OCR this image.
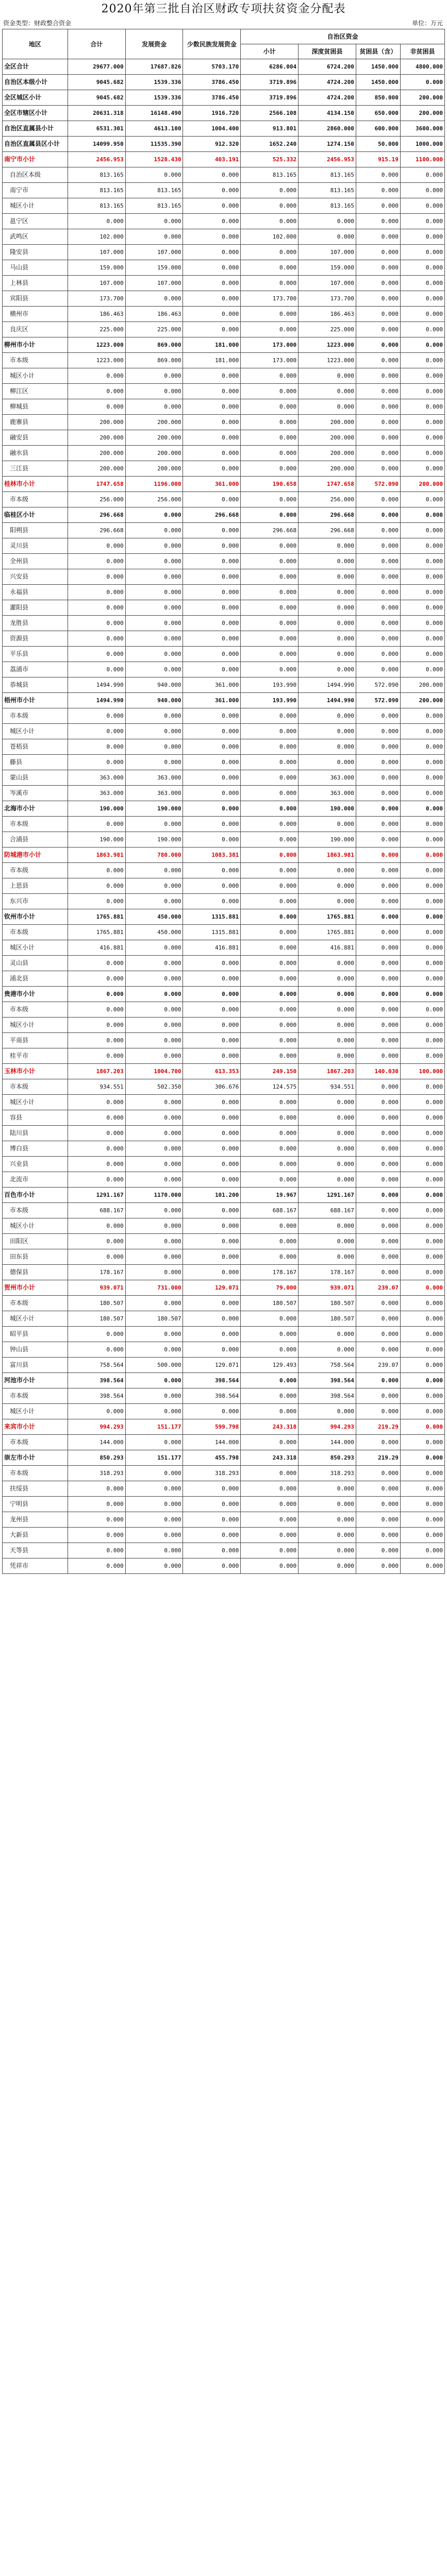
2020年第三批自治区财政专项扶贫资金分配表
资金类型：财政整合资金	单位：万元
地区	合计	发展资金	少数民族发展资金	自治区资金			
				小计	深度贫困县	贫困县（含）	非贫困县
全区合计	29677.000	17687.826	5703.170	6286.004	6724.200	1450.000	4800.000
自治区本级小计	9045.682	1539.336	3786.450	3719.896	4724.200	1450.000	0.000
全区城区小计	9045.682	1539.336	3786.450	3719.896	4724.200	850.000	200.000
全区市辖区小计	20631.318	16148.490	1916.720	2566.108	4134.150	650.000	200.000
自治区直属县小计	6531.301	4613.100	1004.400	913.801	2860.000	600.000	3600.000
自治区直属县区小计	14099.950	11535.390	912.320	1652.240	1274.150	50.000	1000.000
南宁市小计	2456.953	1528.430	403.191	525.332	2456.953	915.19	1100.000
自治区本级	813.165	0.000	0.000	813.165	813.165	0.000	0.000
南宁市	813.165	813.165	0.000	0.000	813.165	0.000	0.000
城区小计	813.165	813.165	0.000	0.000	813.165	0.000	0.000
邕宁区	0.000	0.000	0.000	0.000	0.000	0.000	0.000
武鸣区	102.000	0.000	0.000	102.000	0.000	0.000	0.000
隆安县	107.000	107.000	0.000	0.000	107.000	0.000	0.000
马山县	159.000	159.000	0.000	0.000	159.000	0.000	0.000
上林县	107.000	107.000	0.000	0.000	107.000	0.000	0.000
宾阳县	173.700	0.000	0.000	173.700	173.700	0.000	0.000
横州市	186.463	186.463	0.000	0.000	186.463	0.000	0.000
良庆区	225.000	225.000	0.000	0.000	225.000	0.000	0.000
柳州市小计	1223.000	869.000	181.000	173.000	1223.000	0.000	0.000
市本级	1223.000	869.000	181.000	173.000	1223.000	0.000	0.000
城区小计	0.000	0.000	0.000	0.000	0.000	0.000	0.000
柳江区	0.000	0.000	0.000	0.000	0.000	0.000	0.000
柳城县	0.000	0.000	0.000	0.000	0.000	0.000	0.000
鹿寨县	200.000	200.000	0.000	0.000	200.000	0.000	0.000
融安县	200.000	200.000	0.000	0.000	200.000	0.000	0.000
融水县	200.000	200.000	0.000	0.000	200.000	0.000	0.000
三江县	200.000	200.000	0.000	0.000	200.000	0.000	0.000
桂林市小计	1747.658	1196.000	361.000	190.658	1747.658	572.090	200.000
市本级	256.000	256.000	0.000	0.000	256.000	0.000	0.000
临桂区小计	296.668	0.000	296.668	0.000	296.668	0.000	0.000
阳朔县	296.668	0.000	0.000	296.668	296.668	0.000	0.000
灵川县	0.000	0.000	0.000	0.000	0.000	0.000	0.000
全州县	0.000	0.000	0.000	0.000	0.000	0.000	0.000
兴安县	0.000	0.000	0.000	0.000	0.000	0.000	0.000
永福县	0.000	0.000	0.000	0.000	0.000	0.000	0.000
灌阳县	0.000	0.000	0.000	0.000	0.000	0.000	0.000
龙胜县	0.000	0.000	0.000	0.000	0.000	0.000	0.000
资源县	0.000	0.000	0.000	0.000	0.000	0.000	0.000
平乐县	0.000	0.000	0.000	0.000	0.000	0.000	0.000
荔浦市	0.000	0.000	0.000	0.000	0.000	0.000	0.000
恭城县	1494.990	940.000	361.000	193.990	1494.990	572.090	200.000
梧州市小计	1494.990	940.000	361.000	193.990	1494.990	572.090	200.000
市本级	0.000	0.000	0.000	0.000	0.000	0.000	0.000
城区小计	0.000	0.000	0.000	0.000	0.000	0.000	0.000
苍梧县	0.000	0.000	0.000	0.000	0.000	0.000	0.000
藤县	0.000	0.000	0.000	0.000	0.000	0.000	0.000
蒙山县	363.000	363.000	0.000	0.000	363.000	0.000	0.000
岑溪市	363.000	363.000	0.000	0.000	363.000	0.000	0.000
北海市小计	190.000	190.000	0.000	0.000	190.000	0.000	0.000
市本级	0.000	0.000	0.000	0.000	0.000	0.000	0.000
合浦县	190.000	190.000	0.000	0.000	190.000	0.000	0.000
防城港市小计	1863.981	780.000	1083.381	0.000	1863.981	0.000	0.000
市本级	0.000	0.000	0.000	0.000	0.000	0.000	0.000
上思县	0.000	0.000	0.000	0.000	0.000	0.000	0.000
东兴市	0.000	0.000	0.000	0.000	0.000	0.000	0.000
钦州市小计	1765.881	450.000	1315.881	0.000	1765.881	0.000	0.000
市本级	1765.881	450.000	1315.881	0.000	1765.881	0.000	0.000
城区小计	416.881	0.000	416.881	0.000	416.881	0.000	0.000
灵山县	0.000	0.000	0.000	0.000	0.000	0.000	0.000
浦北县	0.000	0.000	0.000	0.000	0.000	0.000	0.000
贵港市小计	0.000	0.000	0.000	0.000	0.000	0.000	0.000
市本级	0.000	0.000	0.000	0.000	0.000	0.000	0.000
城区小计	0.000	0.000	0.000	0.000	0.000	0.000	0.000
平南县	0.000	0.000	0.000	0.000	0.000	0.000	0.000
桂平市	0.000	0.000	0.000	0.000	0.000	0.000	0.000
玉林市小计	1867.203	1004.700	613.353	249.150	1867.203	140.030	100.000
市本级	934.551	502.350	306.676	124.575	934.551	0.000	0.000
城区小计	0.000	0.000	0.000	0.000	0.000	0.000	0.000
容县	0.000	0.000	0.000	0.000	0.000	0.000	0.000
陆川县	0.000	0.000	0.000	0.000	0.000	0.000	0.000
博白县	0.000	0.000	0.000	0.000	0.000	0.000	0.000
兴业县	0.000	0.000	0.000	0.000	0.000	0.000	0.000
北流市	0.000	0.000	0.000	0.000	0.000	0.000	0.000
百色市小计	1291.167	1170.000	101.200	19.967	1291.167	0.000	0.000
市本级	688.167	0.000	0.000	688.167	688.167	0.000	0.000
城区小计	0.000	0.000	0.000	0.000	0.000	0.000	0.000
田阳区	0.000	0.000	0.000	0.000	0.000	0.000	0.000
田东县	0.000	0.000	0.000	0.000	0.000	0.000	0.000
德保县	178.167	0.000	0.000	178.167	178.167	0.000	0.000
贺州市小计	939.071	731.000	129.071	79.000	939.071	239.07	0.000
市本级	180.507	0.000	0.000	180.507	180.507	0.000	0.000
城区小计	180.507	180.507	0.000	0.000	180.507	0.000	0.000
昭平县	0.000	0.000	0.000	0.000	0.000	0.000	0.000
钟山县	0.000	0.000	0.000	0.000	0.000	0.000	0.000
富川县	758.564	500.000	129.071	129.493	758.564	239.07	0.000
河池市小计	398.564	0.000	398.564	0.000	398.564	0.000	0.000
市本级	398.564	0.000	398.564	0.000	398.564	0.000	0.000
城区小计	0.000	0.000	0.000	0.000	0.000	0.000	0.000
来宾市小计	994.293	151.177	599.798	243.318	994.293	219.29	0.000
市本级	144.000	0.000	144.000	0.000	144.000	0.000	0.000
崇左市小计	850.293	151.177	455.798	243.318	850.293	219.29	0.000
市本级	318.293	0.000	318.293	0.000	318.293	0.000	0.000
扶绥县	0.000	0.000	0.000	0.000	0.000	0.000	0.000
宁明县	0.000	0.000	0.000	0.000	0.000	0.000	0.000
龙州县	0.000	0.000	0.000	0.000	0.000	0.000	0.000
大新县	0.000	0.000	0.000	0.000	0.000	0.000	0.000
天等县	0.000	0.000	0.000	0.000	0.000	0.000	0.000
凭祥市	0.000	0.000	0.000	0.000	0.000	0.000	0.000
